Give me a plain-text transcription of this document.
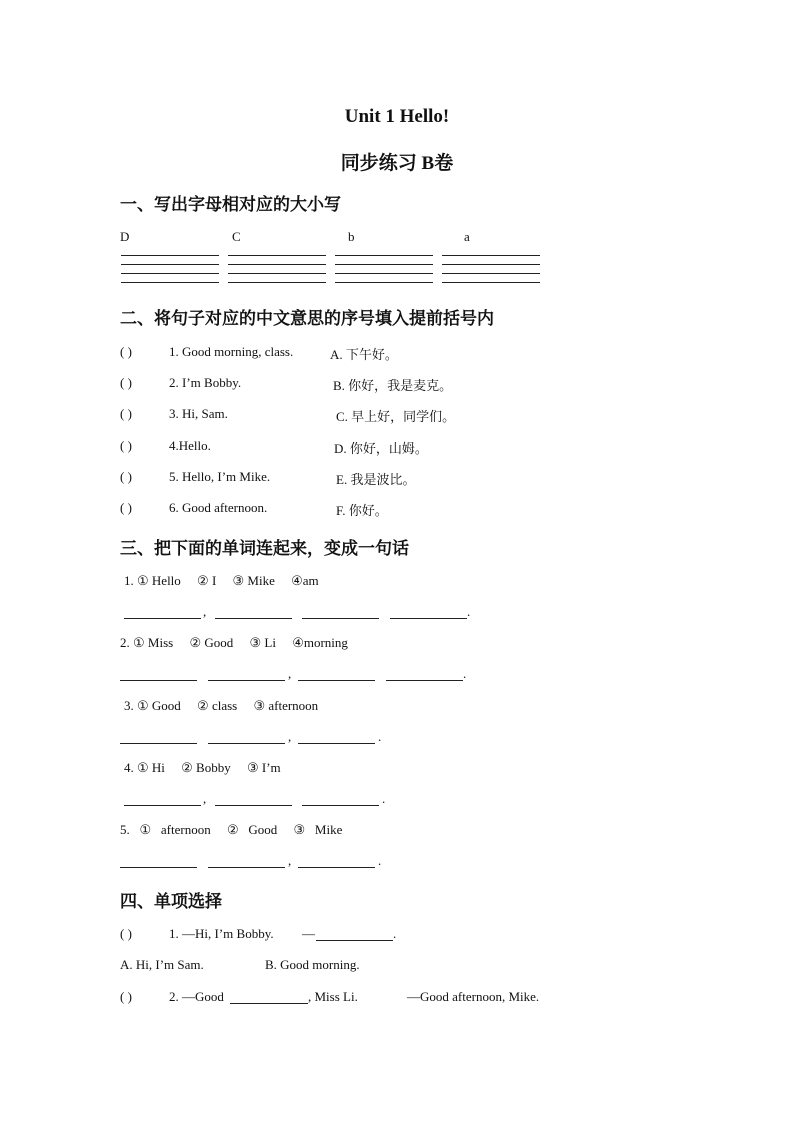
Unit 1 Hello!
同步练习 B卷
一、写出字母相对应的大小写
D	C	b	a
二、将句子对应的中文意思的序号填入提前括号内
( )	1. Good morning, class.	A. 下午好。
( )	2. I’m Bobby.	B. 你好，我是麦克。
( )	3. Hi, Sam.	C. 早上好，同学们。
( )	4.Hello.	D. 你好，山姆。
( )	5. Hello, I’m Mike.	E. 我是波比。
( )	6. Good afternoon.	F. 你好。
三、把下面的单词连起来，变成一句话
1. ① Hello     ② I     ③ Mike     ④am
,	.
2. ① Miss     ② Good     ③ Li     ④morning
,	.
3. ① Good     ② class     ③ afternoon
,	.
4. ① Hi     ② Bobby     ③ I’m
,	.
5.   ①   afternoon     ②   Good     ③   Mike
,	.
四、单项选择
( )	1. —Hi, I’m Bobby. —	.
A. Hi, I’m Sam.	B. Good morning.
( )	2. —Good	, Miss Li.	—Good afternoon, Mike.
